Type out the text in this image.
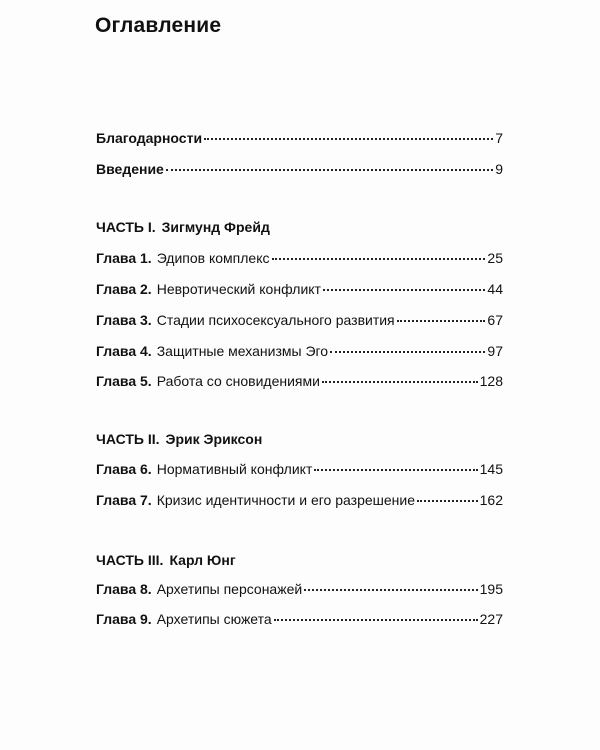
Оглавление
Благодарности	7
Введение	9
ЧАСТЬ I. Зигмунд Фрейд
Глава 1. Эдипов комплекс	25
Глава 2. Невротический конфликт	44
Глава 3. Стадии психосексуального развития	67
Глава 4. Защитные механизмы Эго	97
Глава 5. Работа со сновидениями	128
ЧАСТЬ II. Эрик Эриксон
Глава 6. Нормативный конфликт	145
Глава 7. Кризис идентичности и его разрешение	162
ЧАСТЬ III. Карл Юнг
Глава 8. Архетипы персонажей	195
Глава 9. Архетипы сюжета	227
